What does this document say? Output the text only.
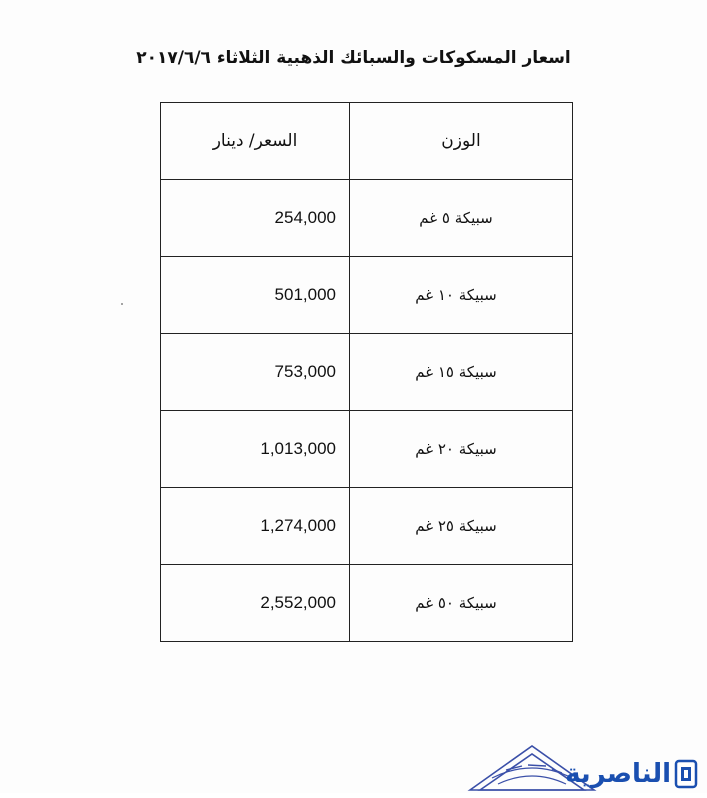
اسعار المسكوكات والسبائك الذهبية الثلاثاء ٢٠١٧/٦/٦
السعر/ دينار	الوزن
254,000	سبيكة ٥ غم
501,000	سبيكة ١٠ غم
753,000	سبيكة ١٥ غم
1,013,000	سبيكة ٢٠ غم
1,274,000	سبيكة ٢٥ غم
2,552,000	سبيكة ٥٠ غم
الناصرية
